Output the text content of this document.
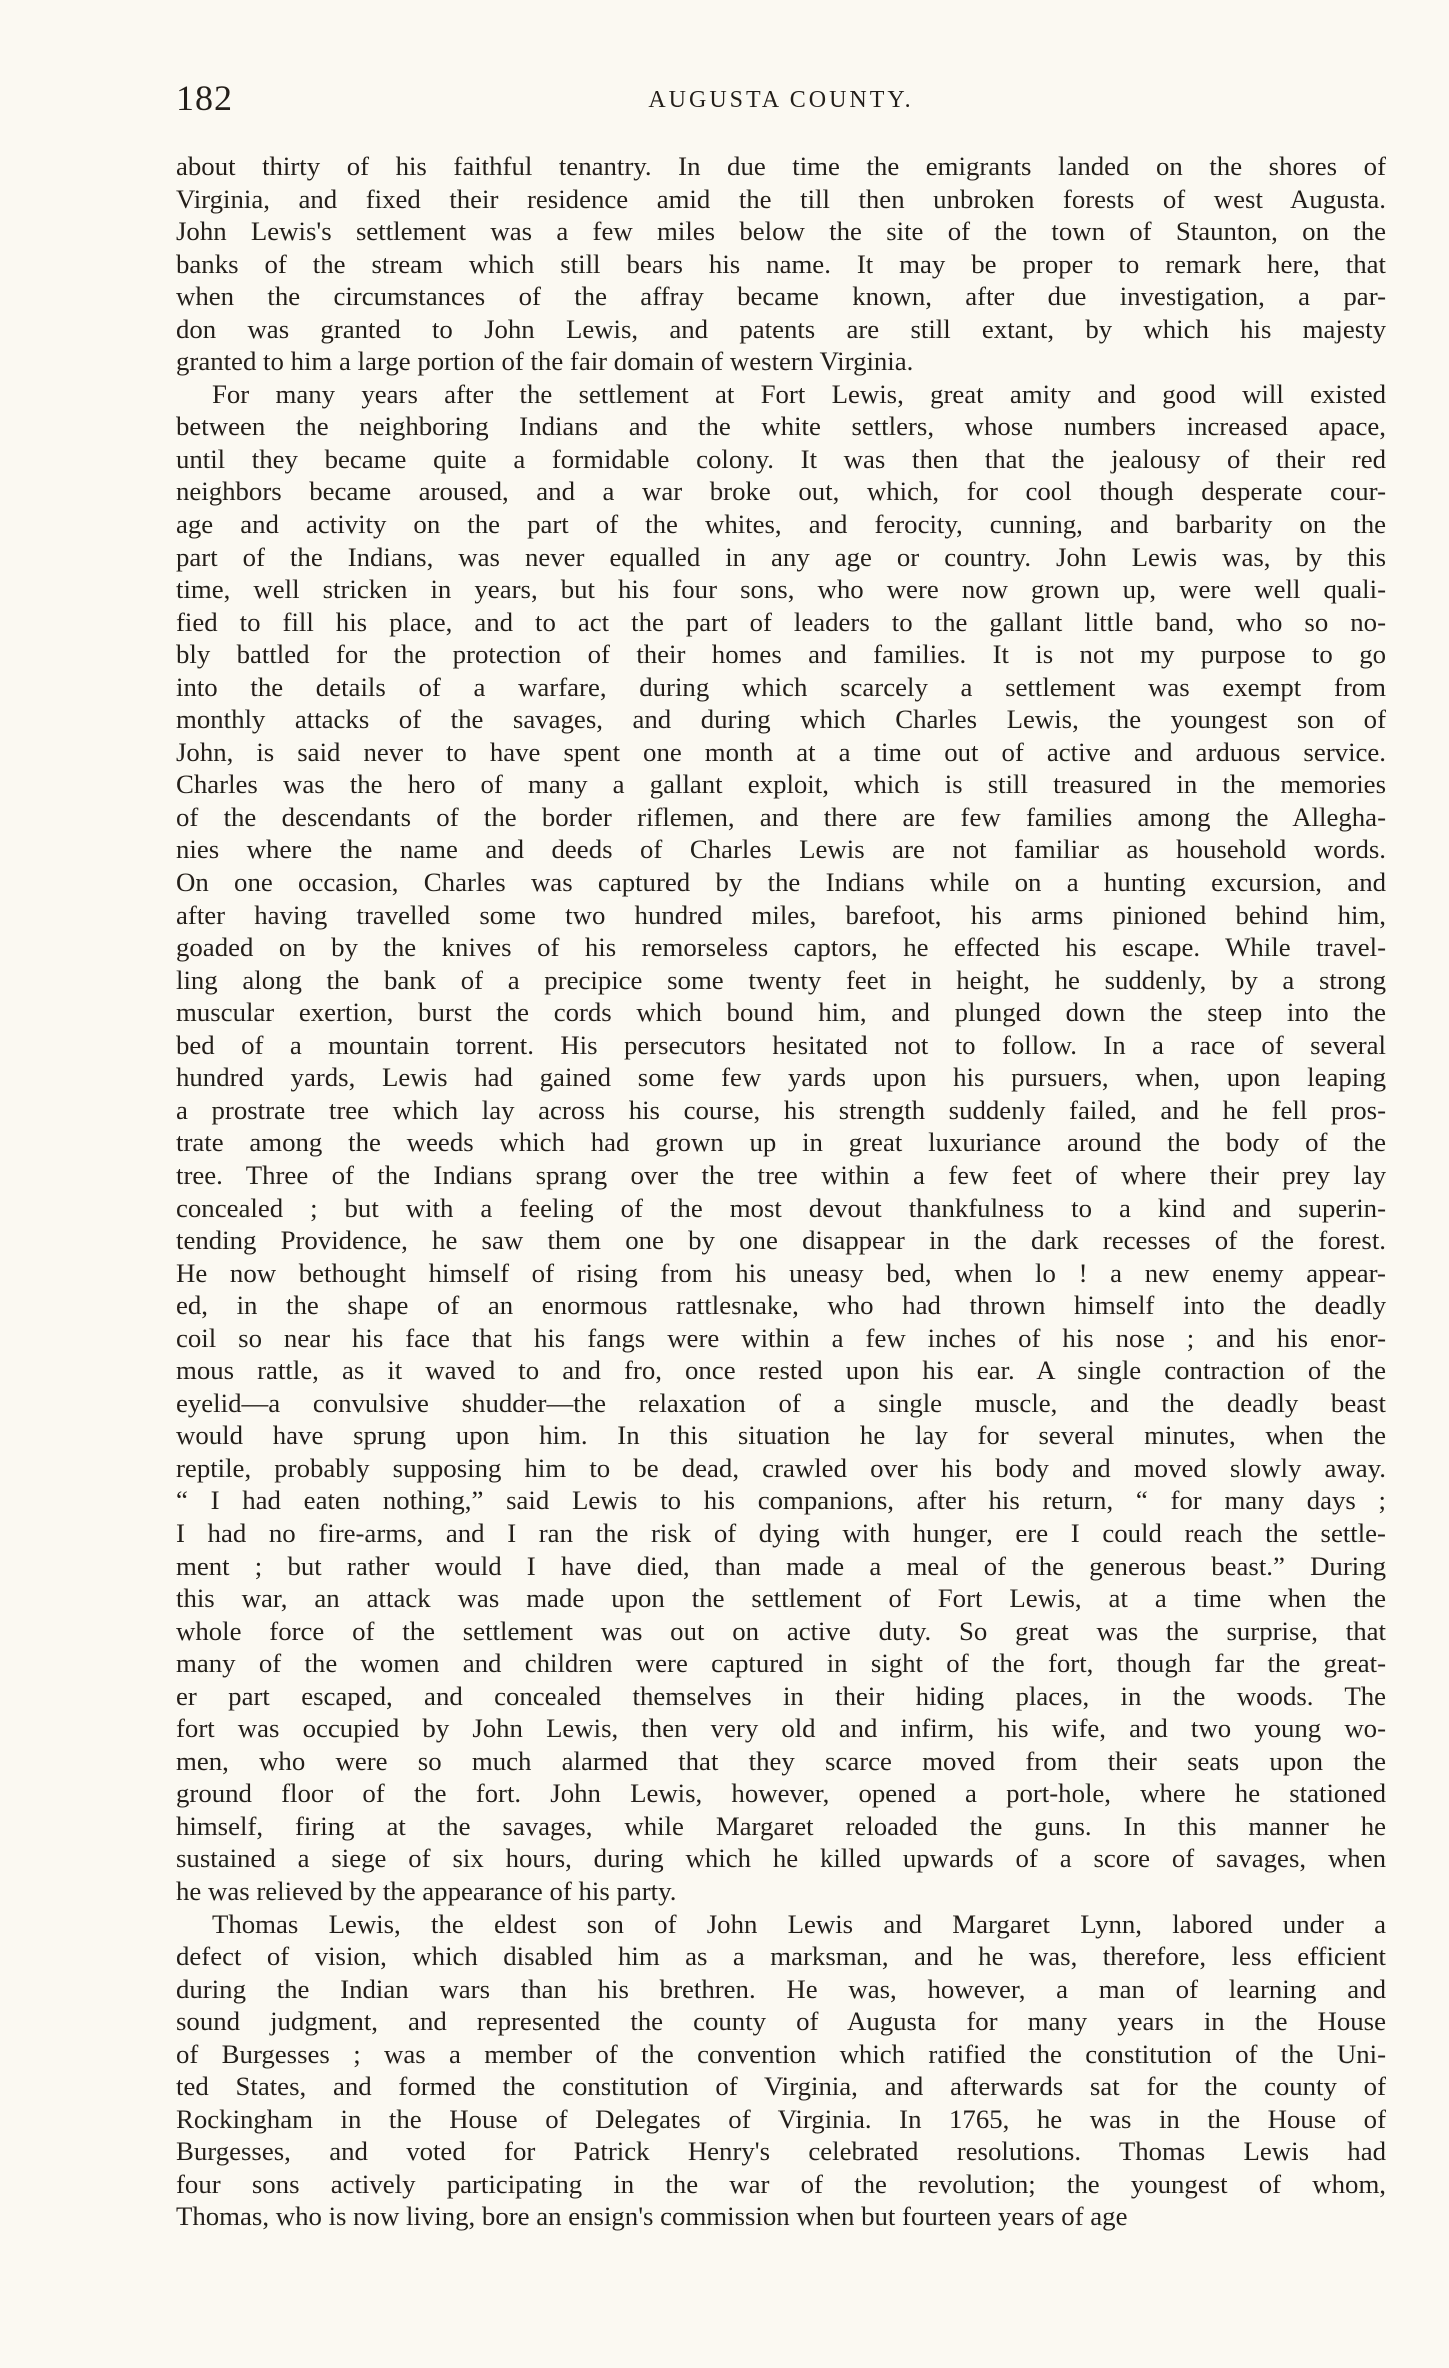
182	AUGUSTA COUNTY.
about thirty of his faithful tenantry. In due time the emigrants landed on the shores of
Virginia, and fixed their residence amid the till then unbroken forests of west Augusta.
John Lewis's settlement was a few miles below the site of the town of Staunton, on the
banks of the stream which still bears his name. It may be proper to remark here, that
when the circumstances of the affray became known, after due investigation, a par-
don was granted to John Lewis, and patents are still extant, by which his majesty
granted to him a large portion of the fair domain of western Virginia.
For many years after the settlement at Fort Lewis, great amity and good will existed
between the neighboring Indians and the white settlers, whose numbers increased apace,
until they became quite a formidable colony. It was then that the jealousy of their red
neighbors became aroused, and a war broke out, which, for cool though desperate cour-
age and activity on the part of the whites, and ferocity, cunning, and barbarity on the
part of the Indians, was never equalled in any age or country. John Lewis was, by this
time, well stricken in years, but his four sons, who were now grown up, were well quali-
fied to fill his place, and to act the part of leaders to the gallant little band, who so no-
bly battled for the protection of their homes and families. It is not my purpose to go
into the details of a warfare, during which scarcely a settlement was exempt from
monthly attacks of the savages, and during which Charles Lewis, the youngest son of
John, is said never to have spent one month at a time out of active and arduous service.
Charles was the hero of many a gallant exploit, which is still treasured in the memories
of the descendants of the border riflemen, and there are few families among the Allegha-
nies where the name and deeds of Charles Lewis are not familiar as household words.
On one occasion, Charles was captured by the Indians while on a hunting excursion, and
after having travelled some two hundred miles, barefoot, his arms pinioned behind him,
goaded on by the knives of his remorseless captors, he effected his escape. While travel-
ling along the bank of a precipice some twenty feet in height, he suddenly, by a strong
muscular exertion, burst the cords which bound him, and plunged down the steep into the
bed of a mountain torrent. His persecutors hesitated not to follow. In a race of several
hundred yards, Lewis had gained some few yards upon his pursuers, when, upon leaping
a prostrate tree which lay across his course, his strength suddenly failed, and he fell pros-
trate among the weeds which had grown up in great luxuriance around the body of the
tree. Three of the Indians sprang over the tree within a few feet of where their prey lay
concealed ; but with a feeling of the most devout thankfulness to a kind and superin-
tending Providence, he saw them one by one disappear in the dark recesses of the forest.
He now bethought himself of rising from his uneasy bed, when lo ! a new enemy appear-
ed, in the shape of an enormous rattlesnake, who had thrown himself into the deadly
coil so near his face that his fangs were within a few inches of his nose ; and his enor-
mous rattle, as it waved to and fro, once rested upon his ear. A single contraction of the
eyelid—a convulsive shudder—the relaxation of a single muscle, and the deadly beast
would have sprung upon him. In this situation he lay for several minutes, when the
reptile, probably supposing him to be dead, crawled over his body and moved slowly away.
“ I had eaten nothing,” said Lewis to his companions, after his return, “ for many days ;
I had no fire-arms, and I ran the risk of dying with hunger, ere I could reach the settle-
ment ; but rather would I have died, than made a meal of the generous beast.” During
this war, an attack was made upon the settlement of Fort Lewis, at a time when the
whole force of the settlement was out on active duty. So great was the surprise, that
many of the women and children were captured in sight of the fort, though far the great-
er part escaped, and concealed themselves in their hiding places, in the woods. The
fort was occupied by John Lewis, then very old and infirm, his wife, and two young wo-
men, who were so much alarmed that they scarce moved from their seats upon the
ground floor of the fort. John Lewis, however, opened a port-hole, where he stationed
himself, firing at the savages, while Margaret reloaded the guns. In this manner he
sustained a siege of six hours, during which he killed upwards of a score of savages, when
he was relieved by the appearance of his party.
Thomas Lewis, the eldest son of John Lewis and Margaret Lynn, labored under a
defect of vision, which disabled him as a marksman, and he was, therefore, less efficient
during the Indian wars than his brethren. He was, however, a man of learning and
sound judgment, and represented the county of Augusta for many years in the House
of Burgesses ; was a member of the convention which ratified the constitution of the Uni-
ted States, and formed the constitution of Virginia, and afterwards sat for the county of
Rockingham in the House of Delegates of Virginia. In 1765, he was in the House of
Burgesses, and voted for Patrick Henry's celebrated resolutions. Thomas Lewis had
four sons actively participating in the war of the revolution; the youngest of whom,
Thomas, who is now living, bore an ensign's commission when but fourteen years of age
